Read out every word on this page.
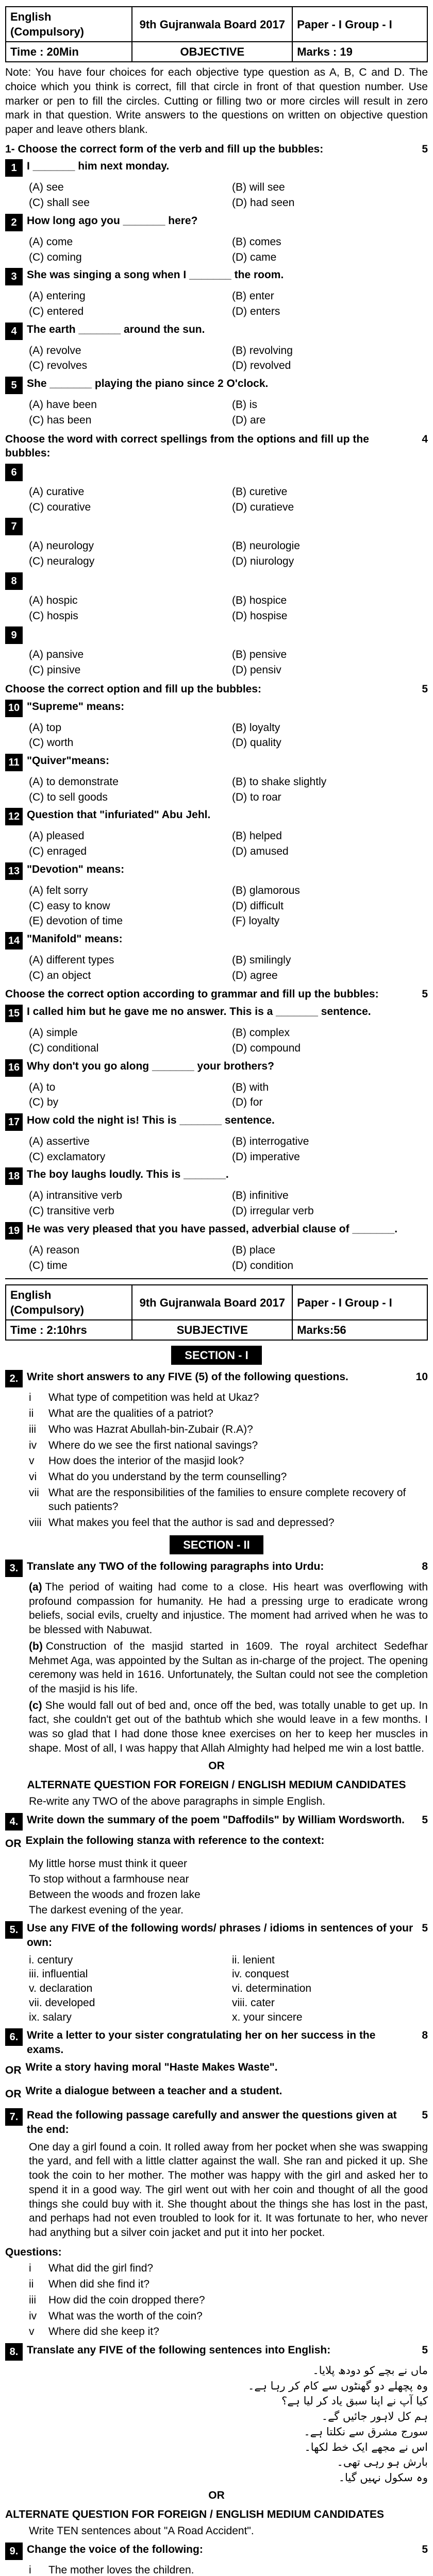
English (Compulsory)	9th Gujranwala Board 2017	Paper - I Group - I
Time : 20Min	OBJECTIVE	Marks : 19
Note: You have four choices for each objective type question as A, B, C and D. The choice which you think is correct, fill that circle in front of that question number. Use marker or pen to fill the circles. Cutting or filling two or more circles will result in zero mark in that question. Write answers to the questions on written on objective question paper and leave others blank.
1- Choose the correct form of the verb and fill up the bubbles:	5
1 I _______ him next monday.
(A) see	(B) will see
(C) shall see	(D) had seen
2 How long ago you _______ here?
(A) come	(B) comes
(C) coming	(D) came
3 She was singing a song when I _______ the room.
(A) entering	(B) enter
(C) entered	(D) enters
4 The earth _______ around the sun.
(A) revolve	(B) revolving
(C) revolves	(D) revolved
5 She _______ playing the piano since 2 O'clock.
(A) have been	(B) is
(C) has been	(D) are
Choose the word with correct spellings from the options and fill up the bubbles:
4
6
(A) curative	(B) curetive
(C) courative	(D) curatieve
7
(A) neurology	(B) neurologie
(C) neuralogy	(D) niurology
8
(A) hospic	(B) hospice
(C) hospis	(D) hospise
9
(A) pansive	(B) pensive
(C) pinsive	(D) pensiv
Choose the correct option and fill up the bubbles:	5
10 "Supreme" means:
(A) top	(B) loyalty
(C) worth	(D) quality
11 "Quiver"means:
(A) to demonstrate	(B) to shake slightly
(C) to sell goods	(D) to roar
12 Question that "infuriated" Abu Jehl.
(A) pleased	(B) helped
(C) enraged	(D) amused
13 "Devotion" means:
(A) felt sorry	(B) glamorous
(C) easy to know	(D) difficult
(E) devotion of time	(F) loyalty
14 "Manifold" means:
(A) different types	(B) smilingly
(C) an object	(D) agree
Choose the correct option according to grammar and fill up the bubbles:	5
15 I called him but he gave me no answer. This is a _______ sentence.
(A) simple	(B) complex
(C) conditional	(D) compound
16 Why don't you go along _______ your brothers?
(A) to	(B) with
(C) by	(D) for
17 How cold the night is! This is _______ sentence.
(A) assertive	(B) interrogative
(C) exclamatory	(D) imperative
18 The boy laughs loudly. This is _______.
(A) intransitive verb	(B) infinitive
(C) transitive verb	(D) irregular verb
19 He was very pleased that you have passed, adverbial clause of _______.
(A) reason	(B) place
(C) time	(D) condition
English (Compulsory)	9th Gujranwala Board 2017	Paper - I Group - I
Time : 2:10hrs	SUBJECTIVE	Marks:56
SECTION - I
2. Write short answers to any FIVE (5) of the following questions.	10
i	What type of competition was held at Ukaz?
ii	What are the qualities of a patriot?
iii	Who was Hazrat Abullah-bin-Zubair (R.A)?
iv	Where do we see the first national savings?
v	How does the interior of the masjid look?
vi	What do you understand by the term counselling?
vii What are the responsibilities of the families to ensure complete recovery of such patients?
viii What makes you feel that the author is sad and depressed?
SECTION - II
3. Translate any TWO of the following paragraphs into Urdu:	8
(a) The period of waiting had come to a close. His heart was overflowing with profound compassion for humanity. He had a pressing urge to eradicate wrong beliefs, social evils, cruelty and injustice. The moment had arrived when he was to be blessed with Nabuwat.
(b) Construction of the masjid started in 1609. The royal architect Sedefhar Mehmet Aga, was appointed by the Sultan as in-charge of the project. The opening ceremony was held in 1616. Unfortunately, the Sultan could not see the completion of the masjid is his life.
(c) She would fall out of bed and, once off the bed, was totally unable to get up. In fact, she couldn't get out of the bathtub which she would leave in a few months. I was so glad that I had done those knee exercises on her to keep her muscles in shape. Most of all, I was happy that Allah Almighty had helped me win a lost battle.
OR
ALTERNATE QUESTION FOR FOREIGN / ENGLISH MEDIUM CANDIDATES
Re-write any TWO of the above paragraphs in simple English.
4. Write down the summary of the poem "Daffodils" by William Wordsworth.	5
OR Explain the following stanza with reference to the context:
My little horse must think it queer
To stop without a farmhouse near
Between the woods and frozen lake
The darkest evening of the year.
5. Use any FIVE of the following words/ phrases / idioms in sentences of your own:
5
i. century	ii. lenient
iii. influential	iv. conquest
v. declaration	vi. determination
vii. developed	viii. cater
ix. salary	x. your sincere
6. Write a letter to your sister congratulating her on her success in the exams.
8
OR Write a story having moral "Haste Makes Waste".
OR Write a dialogue between a teacher and a student.
7. Read the following passage carefully and answer the questions given at the end:
5
One day a girl found a coin. It rolled away from her pocket when she was swapping the yard, and fell with a little clatter against the wall. She ran and picked it up. She took the coin to her mother. The mother was happy with the girl and asked her to spend it in a good way. The girl went out with her coin and thought of all the good things she could buy with it. She thought about the things she has lost in the past, and perhaps had not even troubled to look for it. It was fortunate to her, who never had anything but a silver coin jacket and put it into her pocket.
Questions:
i	What did the girl find?
ii	When did she find it?
iii	How did the coin dropped there?
iv	What was the worth of the coin?
v	Where did she keep it?
8. Translate any FIVE of the following sentences into English:	5
ماں نے بچے کو دودھ پلایا۔
وہ پچھلے دو گھنٹوں سے کام کر رہا ہے۔
کیا آپ نے اپنا سبق یاد کر لیا ہے؟
ہم کل لاہور جائیں گے۔
سورج مشرق سے نکلتا ہے۔
اس نے مجھے ایک خط لکھا۔
بارش ہو رہی تھی۔
وہ سکول نہیں گیا۔
OR
ALTERNATE QUESTION FOR FOREIGN / ENGLISH MEDIUM CANDIDATES
Write TEN sentences about "A Road Accident".
9. Change the voice of the following:	5
i	The mother loves the children.
